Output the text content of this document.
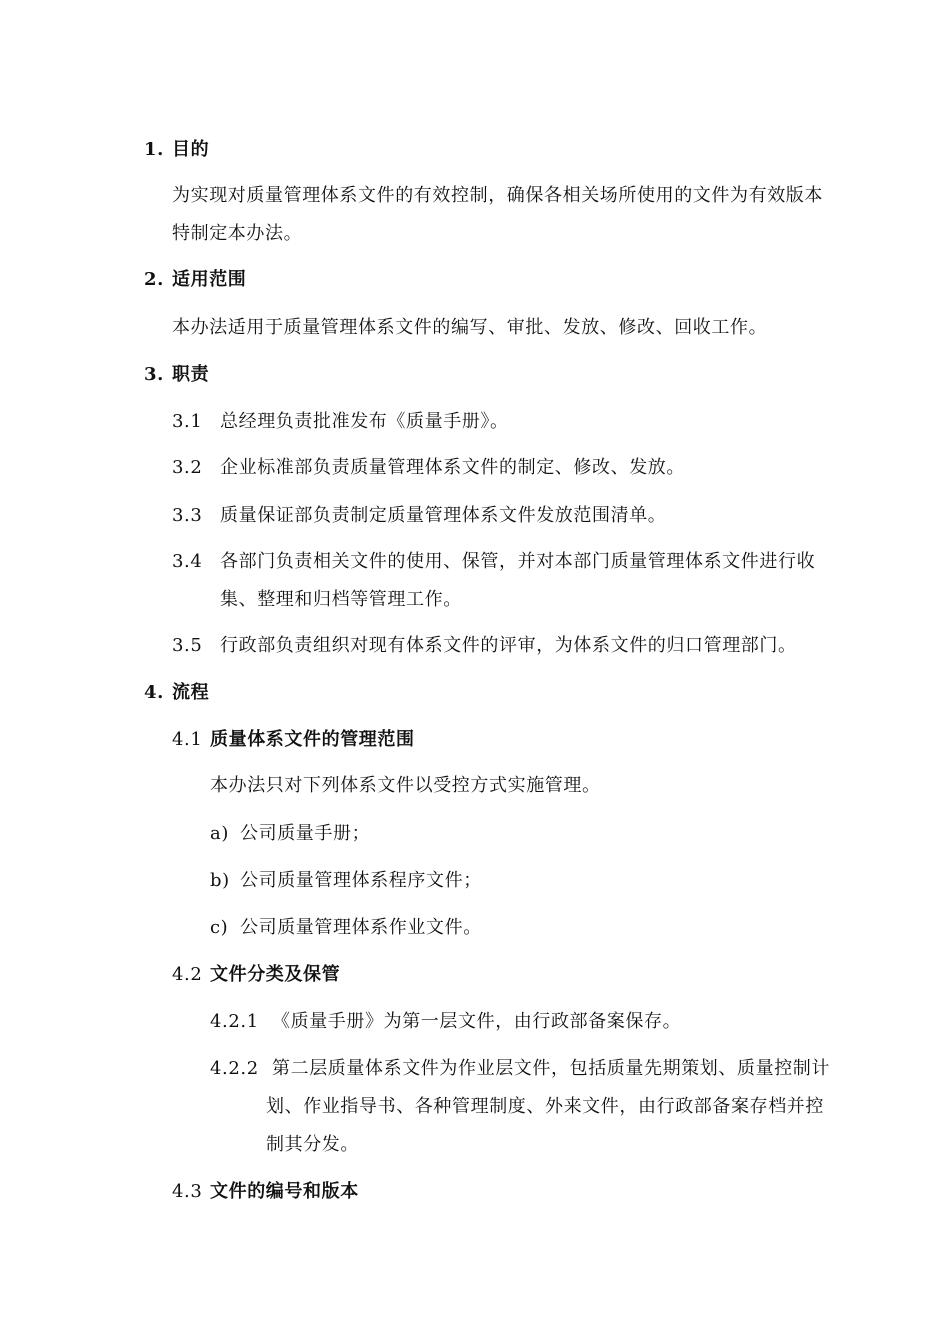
1. 目的
为实现对质量管理体系文件的有效控制，确保各相关场所使用的文件为有效版本
特制定本办法。
2. 适用范围
本办法适用于质量管理体系文件的编写、审批、发放、修改、回收工作。
3. 职责
3.1 总经理负责批准发布《质量手册》。
3.2 企业标准部负责质量管理体系文件的制定、修改、发放。
3.3 质量保证部负责制定质量管理体系文件发放范围清单。
3.4 各部门负责相关文件的使用、保管，并对本部门质量管理体系文件进行收
集、整理和归档等管理工作。
3.5 行政部负责组织对现有体系文件的评审，为体系文件的归口管理部门。
4. 流程
4.1 质量体系文件的管理范围
本办法只对下列体系文件以受控方式实施管理。
a) 公司质量手册；
b) 公司质量管理体系程序文件；
c) 公司质量管理体系作业文件。
4.2 文件分类及保管
4.2.1 《质量手册》为第一层文件，由行政部备案保存。
4.2.2 第二层质量体系文件为作业层文件，包括质量先期策划、质量控制计
划、作业指导书、各种管理制度、外来文件，由行政部备案存档并控
制其分发。
4.3 文件的编号和版本
